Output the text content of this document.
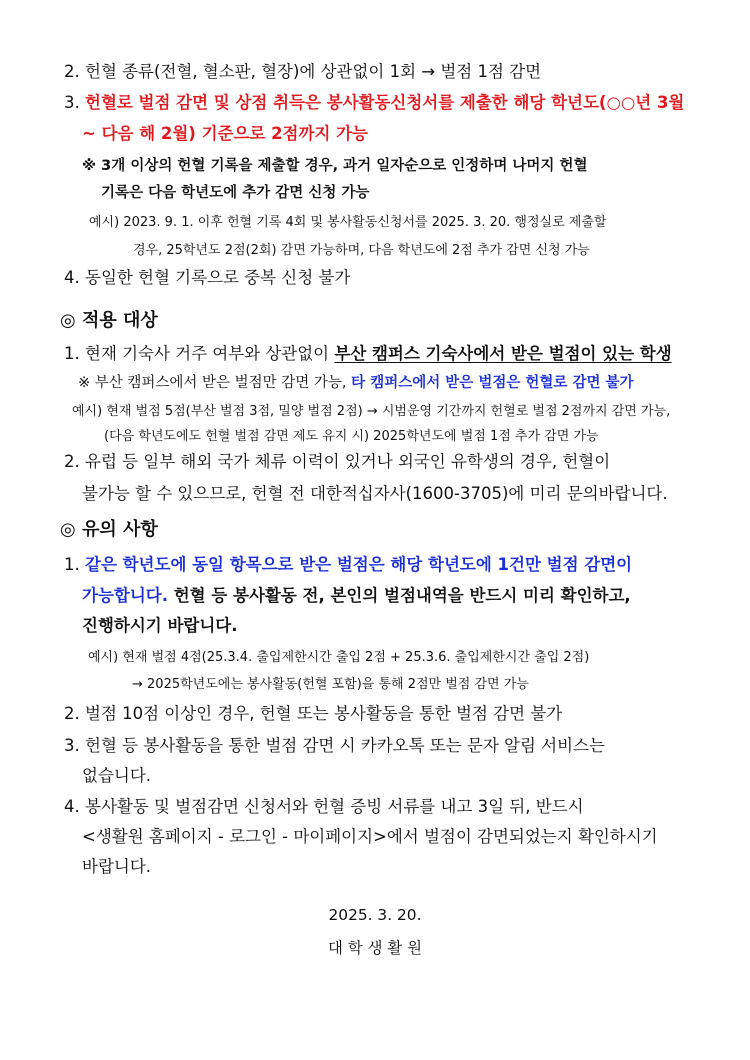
2. 헌혈 종류(전혈, 혈소판, 혈장)에 상관없이 1회 → 벌점 1점 감면
3. 헌혈로 벌점 감면 및 상점 취득은 봉사활동신청서를 제출한 해당 학년도(○○년 3월
~ 다음 해 2월) 기준으로 2점까지 가능
※ 3개 이상의 헌혈 기록을 제출할 경우, 과거 일자순으로 인정하며 나머지 헌혈
기록은 다음 학년도에 추가 감면 신청 가능
예시) 2023. 9. 1. 이후 헌혈 기록 4회 및 봉사활동신청서를 2025. 3. 20. 행정실로 제출할
경우, 25학년도 2점(2회) 감면 가능하며, 다음 학년도에 2점 추가 감면 신청 가능
4. 동일한 헌혈 기록으로 중복 신청 불가
◎ 적용 대상
1. 현재 기숙사 거주 여부와 상관없이 부산 캠퍼스 기숙사에서 받은 벌점이 있는 학생
※ 부산 캠퍼스에서 받은 벌점만 감면 가능, 타 캠퍼스에서 받은 벌점은 헌혈로 감면 불가
예시) 현재 벌점 5점(부산 벌점 3점, 밀양 벌점 2점) → 시범운영 기간까지 헌혈로 벌점 2점까지 감면 가능,
(다음 학년도에도 헌혈 벌점 감면 제도 유지 시) 2025학년도에 벌점 1점 추가 감면 가능
2. 유럽 등 일부 해외 국가 체류 이력이 있거나 외국인 유학생의 경우, 헌혈이
불가능 할 수 있으므로, 헌혈 전 대한적십자사(1600-3705)에 미리 문의바랍니다.
◎ 유의 사항
1. 같은 학년도에 동일 항목으로 받은 벌점은 해당 학년도에 1건만 벌점 감면이
가능합니다. 헌혈 등 봉사활동 전, 본인의 벌점내역을 반드시 미리 확인하고,
진행하시기 바랍니다.
예시) 현재 벌점 4점(25.3.4. 출입제한시간 출입 2점 + 25.3.6. 출입제한시간 출입 2점)
→ 2025학년도에는 봉사활동(헌혈 포함)을 통해 2점만 벌점 감면 가능
2. 벌점 10점 이상인 경우, 헌혈 또는 봉사활동을 통한 벌점 감면 불가
3. 헌혈 등 봉사활동을 통한 벌점 감면 시 카카오톡 또는 문자 알림 서비스는
없습니다.
4. 봉사활동 및 벌점감면 신청서와 헌혈 증빙 서류를 내고 3일 뒤, 반드시
<생활원 홈페이지 - 로그인 - 마이페이지>에서 벌점이 감면되었는지 확인하시기
바랍니다.
2025. 3. 20.
대 학 생 활 원
